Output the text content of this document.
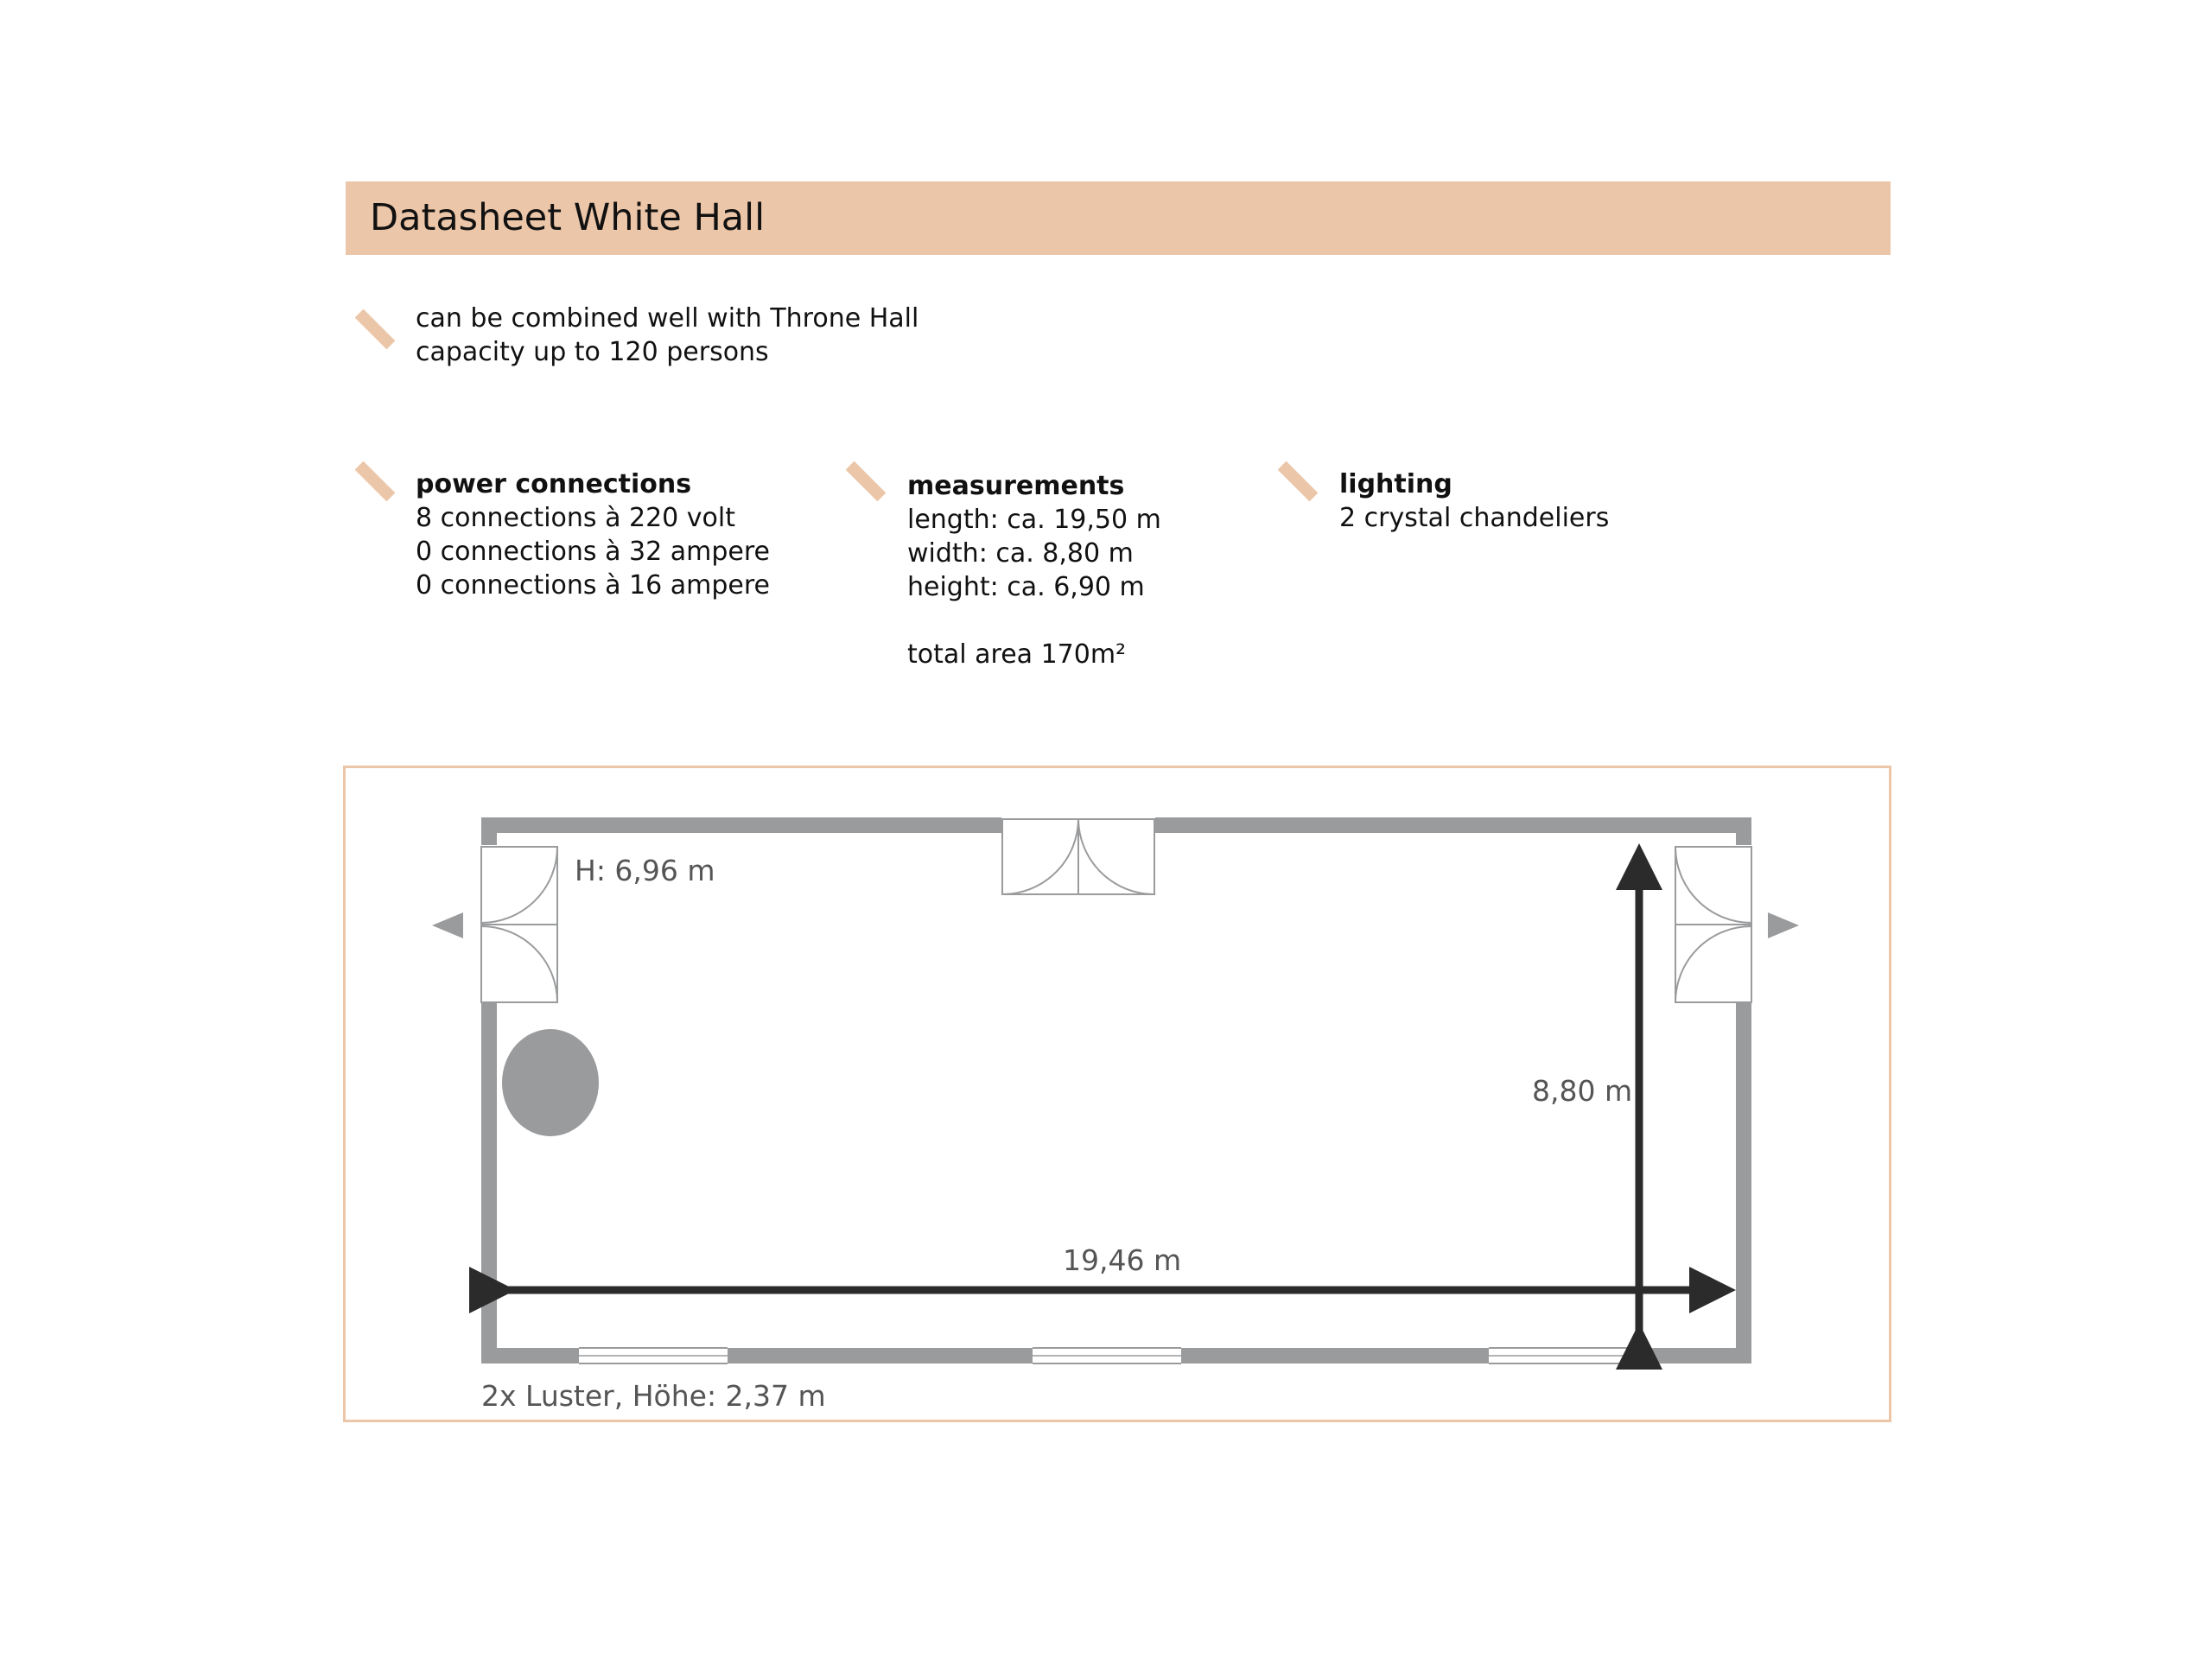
Datasheet White Hall
can be combined well with Throne Hall
capacity up to 120 persons
power connections
8 connections à 220 volt
0 connections à 32 ampere
0 connections à 16 ampere
measurements
length: ca. 19,50 m
width: ca. 8,80 m
height: ca. 6,90 m
total area 170m²
lighting
2 crystal chandeliers
H: 6,96 m
8,80 m
19,46 m
2x Luster, Höhe: 2,37 m
